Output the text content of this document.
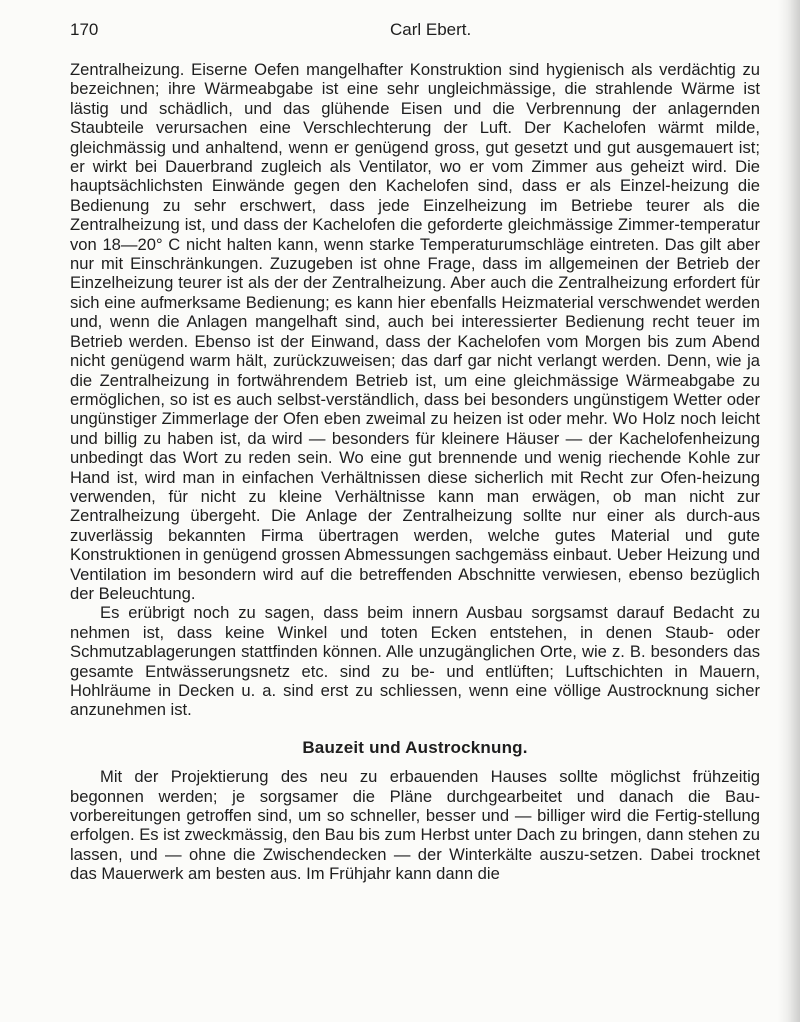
170	Carl Ebert.

Zentralheizung. Eiserne Oefen mangelhafter Konstruktion sind hygienisch als verdächtig zu bezeichnen; ihre Wärmeabgabe ist eine sehr ungleichmässige, die strahlende Wärme ist lästig und schädlich, und das glühende Eisen und die Verbrennung der anlagernden Staubteile verursachen eine Verschlechterung der Luft. Der Kachelofen wärmt milde, gleichmässig und anhaltend, wenn er genügend gross, gut gesetzt und gut ausgemauert ist; er wirkt bei Dauerbrand zugleich als Ventilator, wo er vom Zimmer aus geheizt wird. Die hauptsächlichsten Einwände gegen den Kachelofen sind, dass er als Einzel-heizung die Bedienung zu sehr erschwert, dass jede Einzelheizung im Betriebe teurer als die Zentralheizung ist, und dass der Kachelofen die geforderte gleichmässige Zimmer-temperatur von 18—20° C nicht halten kann, wenn starke Temperaturumschläge eintreten. Das gilt aber nur mit Einschränkungen. Zuzugeben ist ohne Frage, dass im allgemeinen der Betrieb der Einzelheizung teurer ist als der der Zentralheizung. Aber auch die Zentralheizung erfordert für sich eine aufmerksame Bedienung; es kann hier ebenfalls Heizmaterial verschwendet werden und, wenn die Anlagen mangelhaft sind, auch bei interessierter Bedienung recht teuer im Betrieb werden. Ebenso ist der Einwand, dass der Kachelofen vom Morgen bis zum Abend nicht genügend warm hält, zurückzuweisen; das darf gar nicht verlangt werden. Denn, wie ja die Zentralheizung in fortwährendem Betrieb ist, um eine gleichmässige Wärmeabgabe zu ermöglichen, so ist es auch selbst-verständlich, dass bei besonders ungünstigem Wetter oder ungünstiger Zimmerlage der Ofen eben zweimal zu heizen ist oder mehr. Wo Holz noch leicht und billig zu haben ist, da wird — besonders für kleinere Häuser — der Kachelofenheizung unbedingt das Wort zu reden sein. Wo eine gut brennende und wenig riechende Kohle zur Hand ist, wird man in einfachen Verhältnissen diese sicherlich mit Recht zur Ofen-heizung verwenden, für nicht zu kleine Verhältnisse kann man erwägen, ob man nicht zur Zentralheizung übergeht. Die Anlage der Zentralheizung sollte nur einer als durch-aus zuverlässig bekannten Firma übertragen werden, welche gutes Material und gute Konstruktionen in genügend grossen Abmessungen sachgemäss einbaut. Ueber Heizung und Ventilation im besondern wird auf die betreffenden Abschnitte verwiesen, ebenso bezüglich der Beleuchtung.

Es erübrigt noch zu sagen, dass beim innern Ausbau sorgsamst darauf Bedacht zu nehmen ist, dass keine Winkel und toten Ecken entstehen, in denen Staub- oder Schmutzablagerungen stattfinden können. Alle unzugänglichen Orte, wie z. B. besonders das gesamte Entwässerungsnetz etc. sind zu be- und entlüften; Luftschichten in Mauern, Hohlräume in Decken u. a. sind erst zu schliessen, wenn eine völlige Austrocknung sicher anzunehmen ist.

Bauzeit und Austrocknung.

Mit der Projektierung des neu zu erbauenden Hauses sollte möglichst frühzeitig begonnen werden; je sorgsamer die Pläne durchgearbeitet und danach die Bau-vorbereitungen getroffen sind, um so schneller, besser und — billiger wird die Fertig-stellung erfolgen. Es ist zweckmässig, den Bau bis zum Herbst unter Dach zu bringen, dann stehen zu lassen, und — ohne die Zwischendecken — der Winterkälte auszu-setzen. Dabei trocknet das Mauerwerk am besten aus. Im Frühjahr kann dann die
